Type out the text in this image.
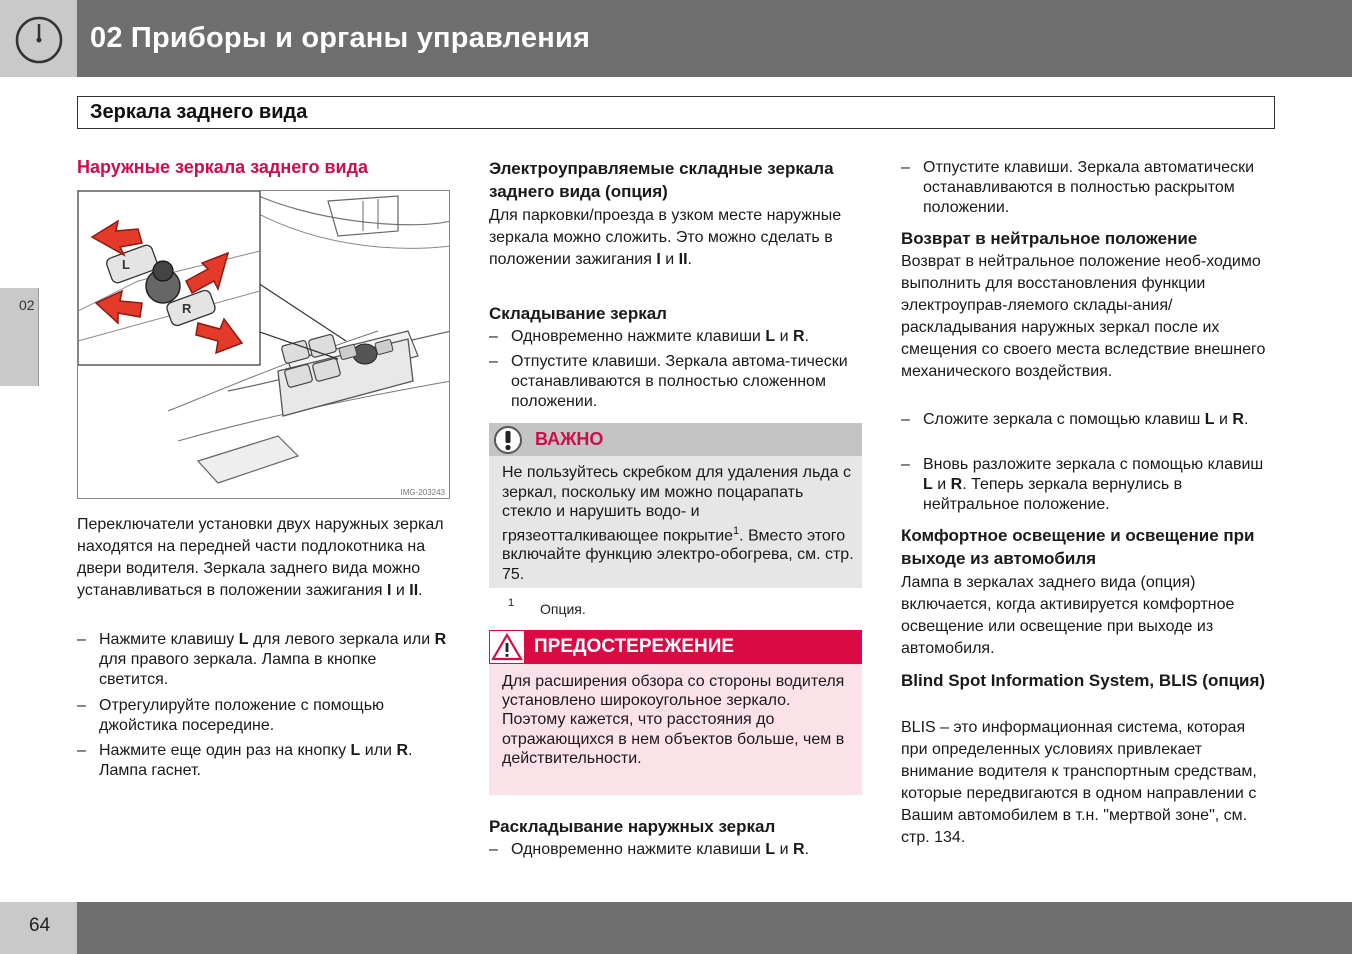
02 Приборы и органы управления
Зеркала заднего вида
02
Наружные зеркала заднего вида
L
R
IMG-203243
Переключатели установки двух наружных зеркал находятся на передней части подлокотника на двери водителя. Зеркала заднего вида можно устанавливаться в положении зажигания I и II.
– Нажмите клавишу L для левого зеркала или R для правого зеркала. Лампа в кнопке светится.
– Отрегулируйте положение с помощью джойстика посередине.
– Нажмите еще один раз на кнопку L или R. Лампа гаснет.
Электроуправляемые складные зеркала заднего вида (опция)
Для парковки/проезда в узком месте наружные зеркала можно сложить. Это можно сделать в положении зажигания I и II.
Складывание зеркал
– Одновременно нажмите клавиши L и R.
– Отпустите клавиши. Зеркала автома-тически останавливаются в полностью сложенном положении.
ВАЖНО
Не пользуйтесь скребком для удаления льда с зеркал, поскольку им можно поцарапать стекло и нарушить водо- и грязеотталкивающее покрытие$^1$. Вместо этого включайте функцию электро-обогрева, см. стр. 75.
1 Опция.
ПРЕДОСТЕРЕЖЕНИЕ
Для расширения обзора со стороны водителя установлено широкоугольное зеркало. Поэтому кажется, что расстояния до отражающихся в нем объектов больше, чем в действительности.
Раскладывание наружных зеркал
– Одновременно нажмите клавиши L и R.
– Отпустите клавиши. Зеркала автоматически останавливаются в полностью раскрытом положении.
Возврат в нейтральное положение
Возврат в нейтральное положение необ-ходимо выполнить для восстановления функции электроуправ-ляемого склады-ания/раскладывания наружных зеркал после их смещения со своего места вследствие внешнего механического воздействия.
– Сложите зеркала с помощью клавиш L и R.
– Вновь разложите зеркала с помощью клавиш L и R. Теперь зеркала вернулись в нейтральное положение.
Комфортное освещение и освещение при выходе из автомобиля
Лампа в зеркалах заднего вида (опция) включается, когда активируется комфортное освещение или освещение при выходе из автомобиля.
Blind Spot Information System, BLIS (опция)
BLIS – это информационная система, которая при определенных условиях привлекает внимание водителя к транспортным средствам, которые передвигаются в одном направлении с Вашим автомобилем в т.н. "мертвой зоне", см. стр. 134.
64
